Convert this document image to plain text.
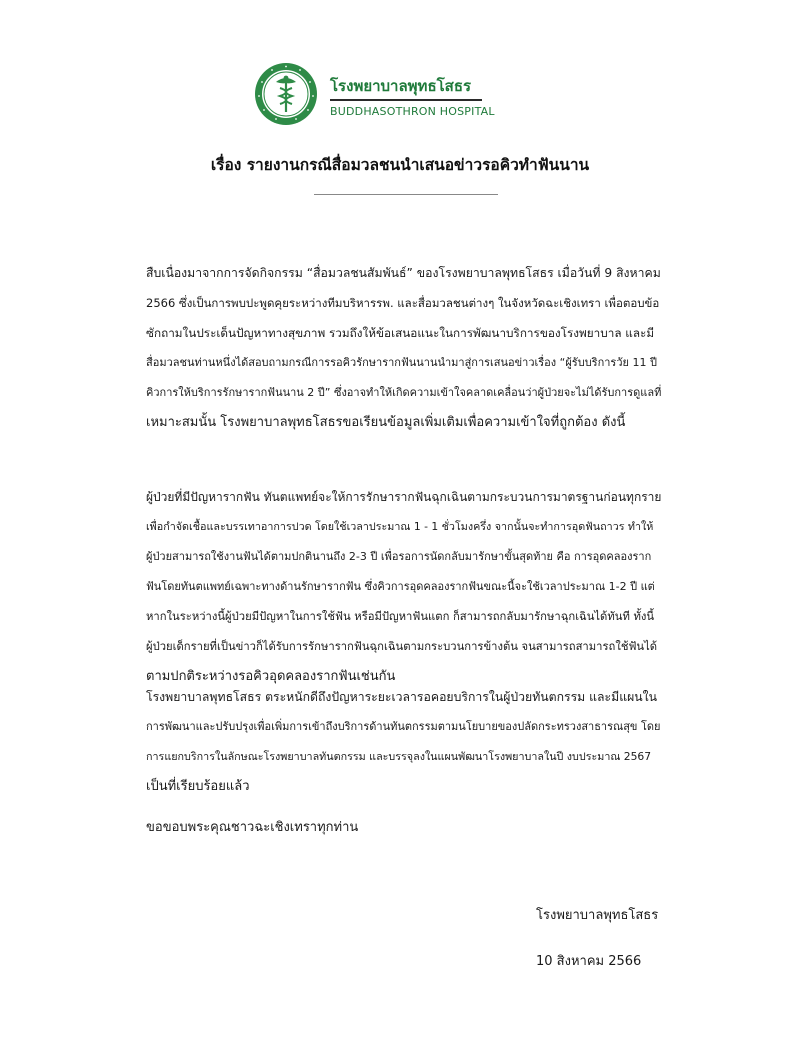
โรงพยาบาลพุทธโสธร
BUDDHASOTHRON HOSPITAL
เรื่อง รายงานกรณีสื่อมวลชนนำเสนอข่าวรอคิวทำฟันนาน
สืบเนื่องมาจากการจัดกิจกรรม “สื่อมวลชนสัมพันธ์” ของโรงพยาบาลพุทธโสธร เมื่อวันที่ 9 สิงหาคม
2566 ซึ่งเป็นการพบปะพูดคุยระหว่างทีมบริหารรพ. และสื่อมวลชนต่างๆ ในจังหวัดฉะเชิงเทรา เพื่อตอบข้อ
ซักถามในประเด็นปัญหาทางสุขภาพ รวมถึงให้ข้อเสนอแนะในการพัฒนาบริการของโรงพยาบาล และมี
สื่อมวลชนท่านหนึ่งได้สอบถามกรณีการรอคิวรักษารากฟันนานนำมาสู่การเสนอข่าวเรื่อง “ผู้รับบริการวัย 11 ปี
คิวการให้บริการรักษารากฟันนาน 2 ปี” ซึ่งอาจทำให้เกิดความเข้าใจคลาดเคลื่อนว่าผู้ป่วยจะไม่ได้รับการดูแลที่
เหมาะสมนั้น โรงพยาบาลพุทธโสธรขอเรียนข้อมูลเพิ่มเติมเพื่อความเข้าใจที่ถูกต้อง ดังนี้
ผู้ป่วยที่มีปัญหารากฟัน ทันตแพทย์จะให้การรักษารากฟันฉุกเฉินตามกระบวนการมาตรฐานก่อนทุกราย
เพื่อกำจัดเชื้อและบรรเทาอาการปวด โดยใช้เวลาประมาณ 1 - 1 ชั่วโมงครึ่ง จากนั้นจะทำการอุดฟันถาวร ทำให้
ผู้ป่วยสามารถใช้งานฟันได้ตามปกตินานถึง 2-3 ปี เพื่อรอการนัดกลับมารักษาขั้นสุดท้าย คือ การอุดคลองราก
ฟันโดยทันตแพทย์เฉพาะทางด้านรักษารากฟัน ซึ่งคิวการอุดคลองรากฟันขณะนี้จะใช้เวลาประมาณ 1-2 ปี แต่
หากในระหว่างนี้ผู้ป่วยมีปัญหาในการใช้ฟัน หรือมีปัญหาฟันแตก ก็สามารถกลับมารักษาฉุกเฉินได้ทันที ทั้งนี้
ผู้ป่วยเด็กรายที่เป็นข่าวก็ได้รับการรักษารากฟันฉุกเฉินตามกระบวนการข้างต้น จนสามารถสามารถใช้ฟันได้
ตามปกติระหว่างรอคิวอุดคลองรากฟันเช่นกัน
โรงพยาบาลพุทธโสธร ตระหนักดีถึงปัญหาระยะเวลารอคอยบริการในผู้ป่วยทันตกรรม และมีแผนใน
การพัฒนาและปรับปรุงเพื่อเพิ่มการเข้าถึงบริการด้านทันตกรรมตามนโยบายของปลัดกระทรวงสาธารณสุข โดย
การแยกบริการในลักษณะโรงพยาบาลทันตกรรม และบรรจุลงในแผนพัฒนาโรงพยาบาลในปี งบประมาณ 2567
เป็นที่เรียบร้อยแล้ว
ขอขอบพระคุณชาวฉะเชิงเทราทุกท่าน
โรงพยาบาลพุทธโสธร
10 สิงหาคม 2566
